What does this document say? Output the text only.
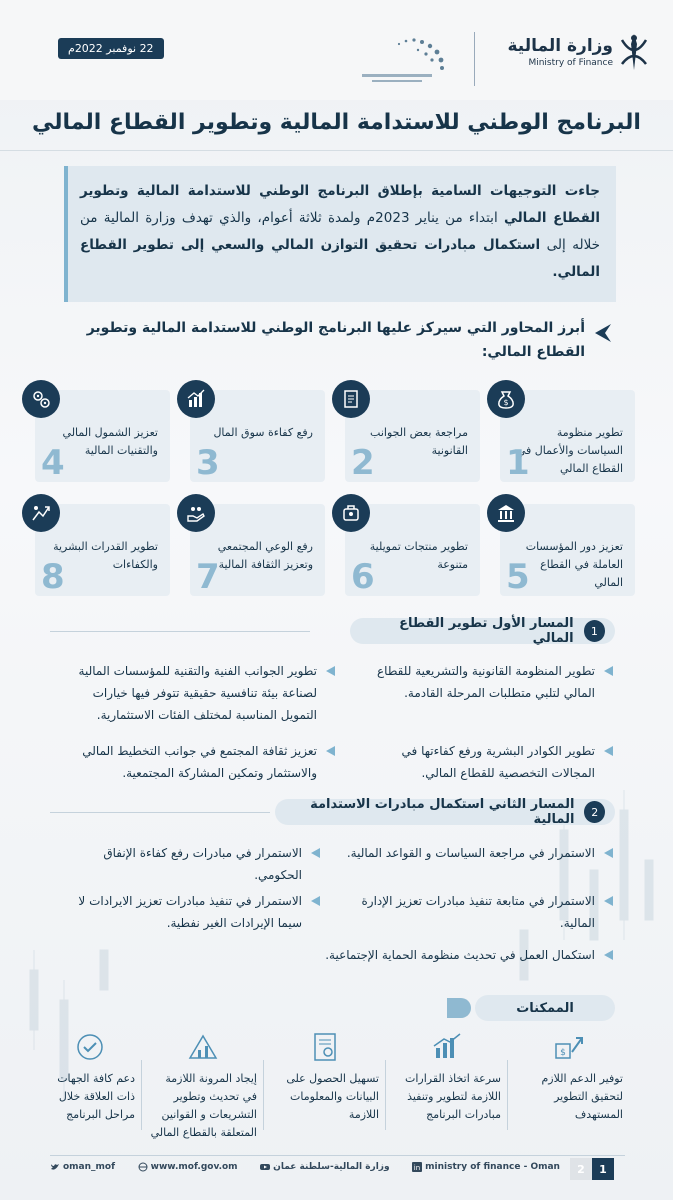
وزارة المالية
Ministry of Finance
22 نوفمبر 2022م
البرنامج الوطني للاستدامة المالية وتطوير القطاع المالي
جاءت التوجيهات السامية بإطلاق البرنامج الوطني للاستدامة المالية وتطوير القطاع المالي ابتداء من يناير 2023م ولمدة ثلاثة أعوام، والذي تهدف وزارة المالية من خلاله إلى استكمال مبادرات تحقيق التوازن المالي والسعي إلى تطوير القطاع المالي.
أبرز المحاور التي سيركز عليها البرنامج الوطني للاستدامة المالية وتطوير القطاع المالي:
$
تطوير منظومة السياسات والأعمال في القطاع المالي
1
مراجعة بعض الجوانب القانونية
2
رفع كفاءة سوق المال
3
تعزيز الشمول المالي والتقنيات المالية
4
تعزيز دور المؤسسات العاملة في القطاع المالي
5
تطوير منتجات تمويلية متنوعة
6
رفع الوعي المجتمعي وتعزيز الثقافة المالية
7
تطوير القدرات البشرية والكفاءات
8
1
المسار الأول تطوير القطاع المالي
تطوير المنظومة القانونية والتشريعية للقطاع المالي لتلبي متطلبات المرحلة القادمة.
تطوير الجوانب الفنية والتقنية للمؤسسات المالية لصناعة بيئة تنافسية حقيقية تتوفر فيها خيارات التمويل المناسبة لمختلف الفئات الاستثمارية.
تطوير الكوادر البشرية ورفع كفاءتها في المجالات التخصصية للقطاع المالي.
تعزيز ثقافة المجتمع في جوانب التخطيط المالي والاستثمار وتمكين المشاركة المجتمعية.
2
المسار الثاني استكمال مبادرات الاستدامة المالية
الاستمرار في مراجعة السياسات و القواعد المالية.
الاستمرار في مبادرات رفع كفاءة الإنفاق الحكومي.
الاستمرار في متابعة تنفيذ مبادرات تعزيز الإدارة المالية.
الاستمرار في تنفيذ مبادرات تعزيز الايرادات لا سيما الإيرادات الغير نفطية.
استكمال العمل في تحديث منظومة الحماية الإجتماعية.
الممكنات
$
توفير الدعم اللازم لتحقيق التطوير المستهدف
سرعة اتخاذ القرارات اللازمة لتطوير وتنفيذ مبادرات البرنامج
تسهيل الحصول على البيانات والمعلومات اللازمة
إيجاد المرونة اللازمة في تحديث وتطوير التشريعات و القوانين المتعلقة بالقطاع المالي
دعم كافة الجهات ذات العلاقة خلال مراحل البرنامج
oman_mof	www.mof.gov.om	وزارة المالية-سلطنة عمان	in ministry of finance - Oman	2	1
